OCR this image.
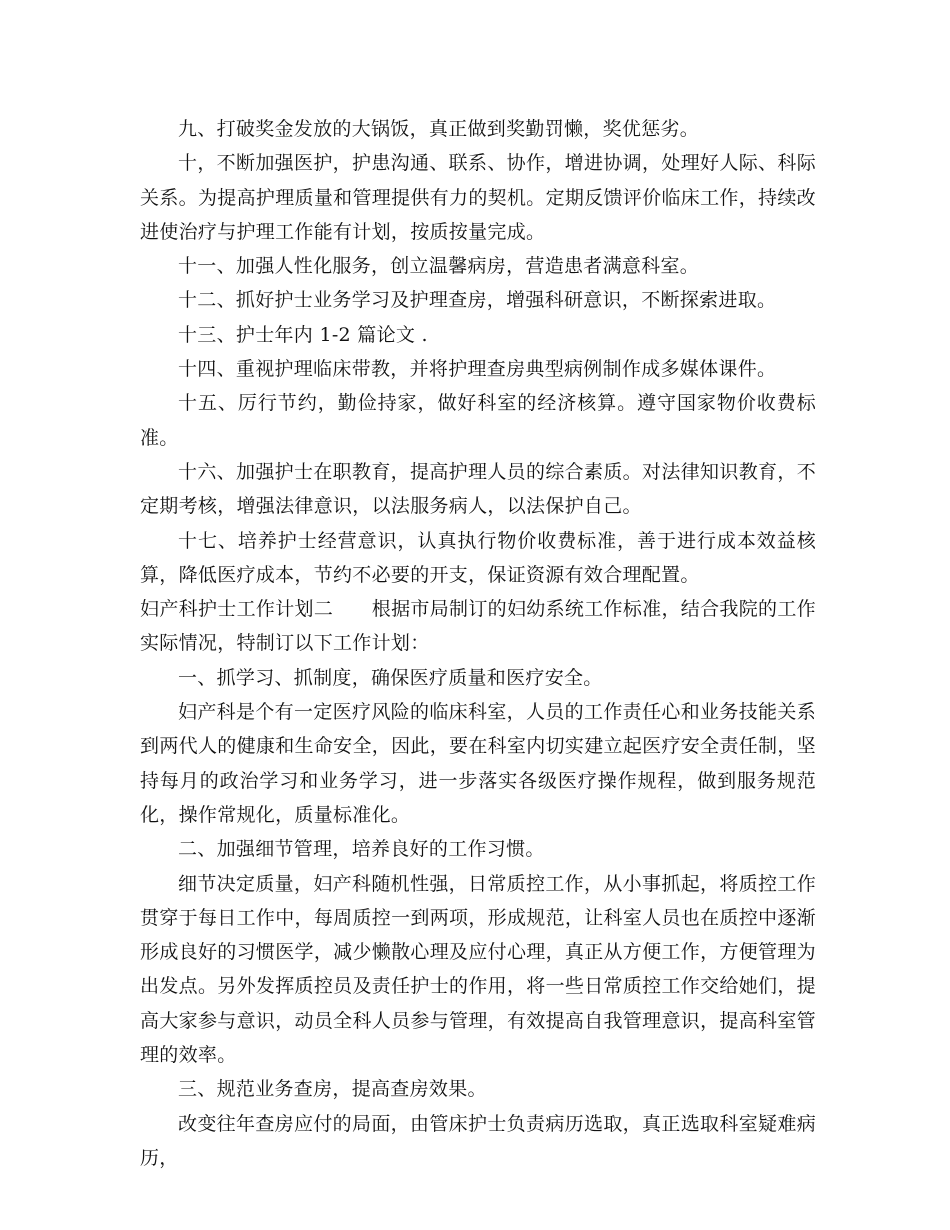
九、打破奖金发放的大锅饭，真正做到奖勤罚懒，奖优惩劣。

十，不断加强医护，护患沟通、联系、协作，增进协调，处理好人际、科际关系。为提高护理质量和管理提供有力的契机。定期反馈评价临床工作，持续改进使治疗与护理工作能有计划，按质按量完成。

十一、加强人性化服务，创立温馨病房，营造患者满意科室。

十二、抓好护士业务学习及护理查房，增强科研意识，不断探索进取。

十三、护士年内 1-2 篇论文 .

十四、重视护理临床带教，并将护理查房典型病例制作成多媒体课件。

十五、厉行节约，勤俭持家，做好科室的经济核算。遵守国家物价收费标准。

十六、加强护士在职教育，提高护理人员的综合素质。对法律知识教育，不定期考核，增强法律意识，以法服务病人，以法保护自己。

十七、培养护士经营意识，认真执行物价收费标准，善于进行成本效益核算，降低医疗成本，节约不必要的开支，保证资源有效合理配置。

妇产科护士工作计划二　　根据市局制订的妇幼系统工作标准，结合我院的工作实际情况，特制订以下工作计划：

一、抓学习、抓制度，确保医疗质量和医疗安全。

妇产科是个有一定医疗风险的临床科室，人员的工作责任心和业务技能关系到两代人的健康和生命安全，因此，要在科室内切实建立起医疗安全责任制，坚持每月的政治学习和业务学习，进一步落实各级医疗操作规程，做到服务规范化，操作常规化，质量标准化。

二、加强细节管理，培养良好的工作习惯。

细节决定质量，妇产科随机性强，日常质控工作，从小事抓起，将质控工作贯穿于每日工作中，每周质控一到两项，形成规范，让科室人员也在质控中逐渐形成良好的习惯医学，减少懒散心理及应付心理，真正从方便工作，方便管理为出发点。另外发挥质控员及责任护士的作用，将一些日常质控工作交给她们，提高大家参与意识，动员全科人员参与管理，有效提高自我管理意识，提高科室管理的效率。

三、规范业务查房，提高查房效果。

改变往年查房应付的局面，由管床护士负责病历选取，真正选取科室疑难病历，
